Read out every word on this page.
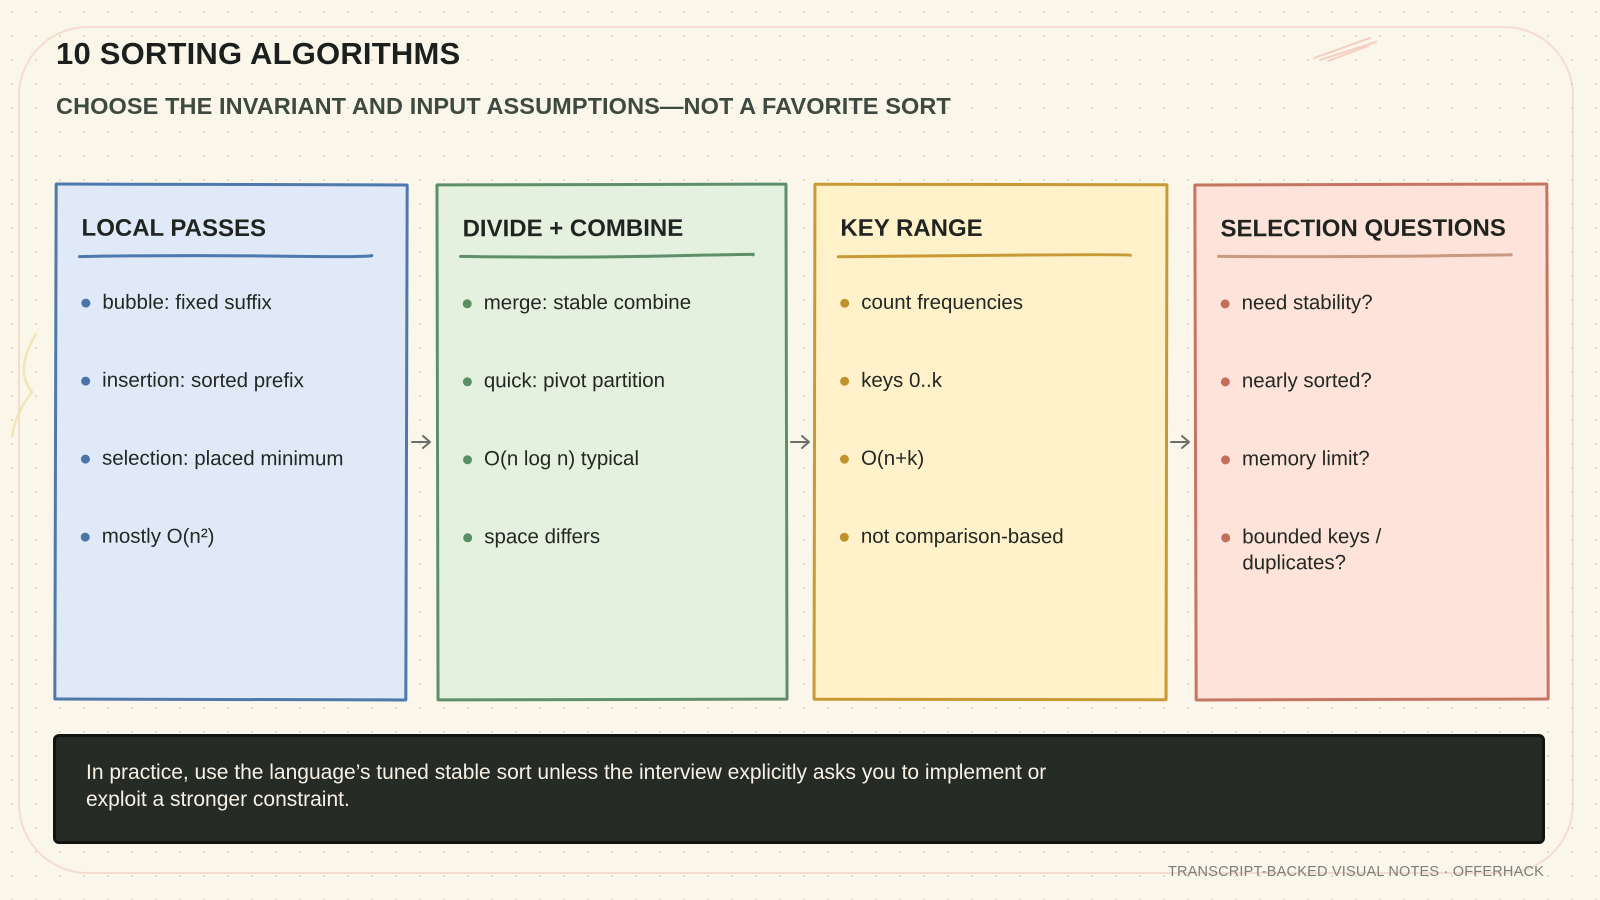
10 SORTING ALGORITHMS
CHOOSE THE INVARIANT AND INPUT ASSUMPTIONS—NOT A FAVORITE SORT
LOCAL PASSES
bubble: fixed suffix
insertion: sorted prefix
selection: placed minimum
mostly O(n²)
DIVIDE + COMBINE
merge: stable combine
quick: pivot partition
O(n log n) typical
space differs
KEY RANGE
count frequencies
keys 0..k
O(n+k)
not comparison-based
SELECTION QUESTIONS
need stability?
nearly sorted?
memory limit?
bounded keys / duplicates?

In practice, use the language’s tuned stable sort unless the interview explicitly asks you to implement or exploit a stronger constraint.

TRANSCRIPT-BACKED VISUAL NOTES · OFFERHACK
